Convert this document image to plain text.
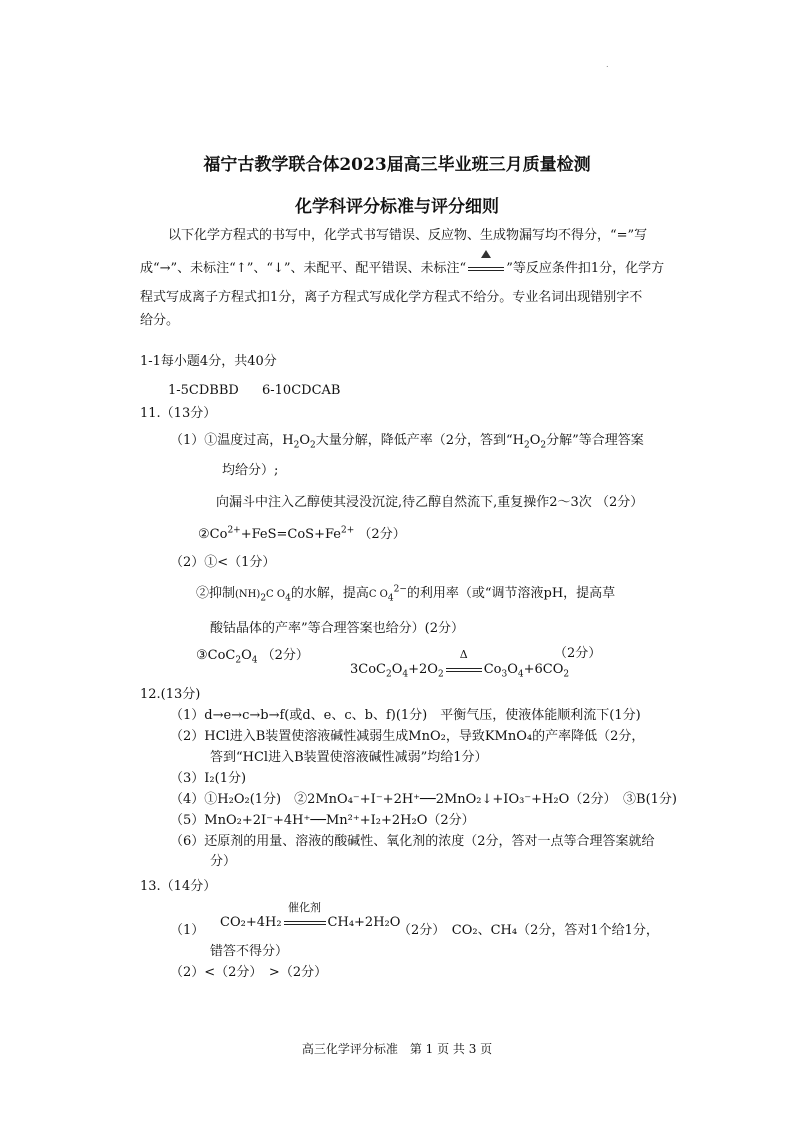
.
福宁古教学联合体2023届高三毕业班三月质量检测
化学科评分标准与评分细则
以下化学方程式的书写中，化学式书写错误、反应物、生成物漏写均不得分，“=”写
成“→”、未标注“↑”、“↓”、未配平、配平错误、未标注“	”等反应条件扣1分，化学方
程式写成离子方程式扣1分，离子方程式写成化学方程式不给分。专业名词出现错别字不
给分。
1-1每小题4分，共40分
1-5CDBBD 6-10CDCAB
11.（13分）
（1）①温度过高，$H_2O_2$大量分解，降低产率（2分，答到“$H_2O_2$分解”等合理答案
均给分）;
向漏斗中注入乙醇使其浸没沉淀,待乙醇自然流下,重复操作2～3次 （2分）
$②Co^{2+}+FeS=CoS+Fe^{2+}$ （2分）
（2）①<（1分）
②抑制$(NH)_2C$ $O_4$的水解，提高C $O_4^{2-}$的利用率（或“调节溶液pH，提高草
酸钴晶体的产率”等合理答案也给分）(2分）
$③CoC_2O_4$ （2分）
$3CoC_2O_4+2O_2$
Δ
$Co_3O_4+6CO_2$
（2分）
12.(13分)
（1）d→e→c→b→f(或d、e、c、b、f)(1分)　平衡气压，使液体能顺利流下(1分)
（2）HCl进入B装置使溶液碱性减弱生成MnO₂，导致KMnO₄的产率降低（2分，
答到“HCl进入B装置使溶液碱性减弱”均给1分）
（3）I₂(1分)
（4）①H₂O₂(1分)　②2MnO₄⁻+I⁻+2H⁺──2MnO₂↓+IO₃⁻+H₂O（2分）　③B(1分)
（5）MnO₂+2I⁻+4H⁺──Mn²⁺+I₂+2H₂O（2分）
（6）还原剂的用量、溶液的酸碱性、氧化剂的浓度（2分，答对一点等合理答案就给
分）
13.（14分）
（1）
CO₂+4H₂
催化剂
CH₄+2H₂O
（2分）　CO₂、CH₄（2分，答对1个给1分，
错答不得分）
（2）<（2分）　>（2分）
高三化学评分标准　第 1 页 共 3 页
